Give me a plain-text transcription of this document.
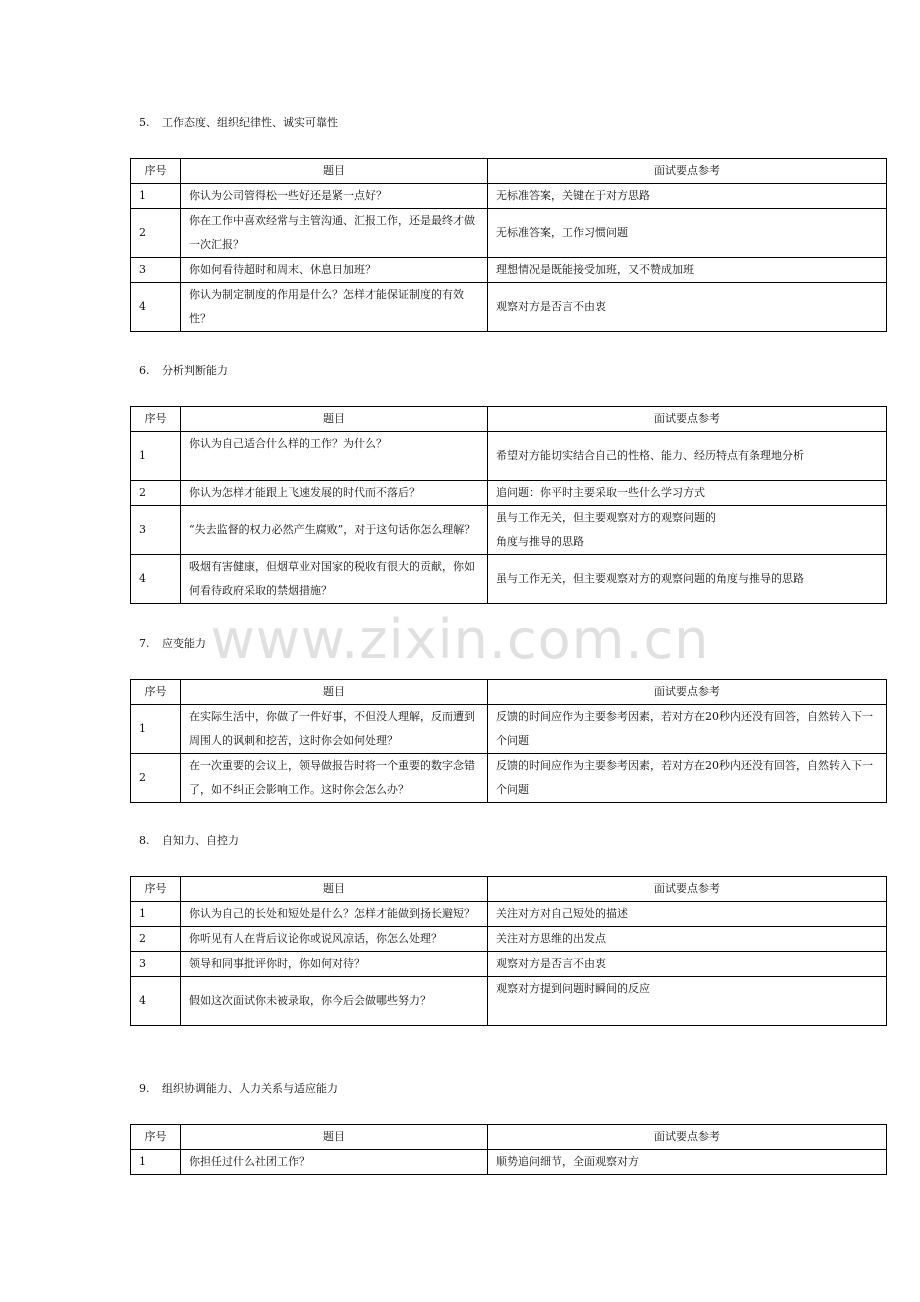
5. 工作态度、组织纪律性、诚实可靠性
序号	题目	面试要点参考
1	你认为公司管得松一些好还是紧一点好？	无标准答案，关键在于对方思路
2	你在工作中喜欢经常与主管沟通、汇报工作，还是最终才做一次汇报？	无标准答案，工作习惯问题
3	你如何看待超时和周末、休息日加班？	理想情况是既能接受加班，又不赞成加班
4	你认为制定制度的作用是什么？怎样才能保证制度的有效性？	观察对方是否言不由衷
6. 分析判断能力
序号	题目	面试要点参考
1	你认为自己适合什么样的工作？为什么？	希望对方能切实结合自己的性格、能力、经历特点有条理地分析
2	你认为怎样才能跟上飞速发展的时代而不落后？	追问题：你平时主要采取一些什么学习方式
3	“失去监督的权力必然产生腐败”，对于这句话你怎么理解？	虽与工作无关，但主要观察对方的观察问题的角度与推导的思路
4	吸烟有害健康，但烟草业对国家的税收有很大的贡献，你如何看待政府采取的禁烟措施？	虽与工作无关，但主要观察对方的观察问题的角度与推导的思路
7. 应变能力
序号	题目	面试要点参考
1	在实际生活中，你做了一件好事，不但没人理解，反而遭到周围人的讽刺和挖苦，这时你会如何处理？	反馈的时间应作为主要参考因素，若对方在20秒内还没有回答，自然转入下一个问题
2	在一次重要的会议上，领导做报告时将一个重要的数字念错了，如不纠正会影响工作。这时你会怎么办？	反馈的时间应作为主要参考因素，若对方在20秒内还没有回答，自然转入下一个问题
8. 自知力、自控力
序号	题目	面试要点参考
1	你认为自己的长处和短处是什么？怎样才能做到扬长避短？	关注对方对自己短处的描述
2	你听见有人在背后议论你或说风凉话，你怎么处理？	关注对方思维的出发点
3	领导和同事批评你时，你如何对待？	观察对方是否言不由衷
4	假如这次面试你未被录取，你今后会做哪些努力？	观察对方提到问题时瞬间的反应
9. 组织协调能力、人力关系与适应能力
序号	题目	面试要点参考
1	你担任过什么社团工作？	顺势追问细节，全面观察对方
www.zixin.com.cn
